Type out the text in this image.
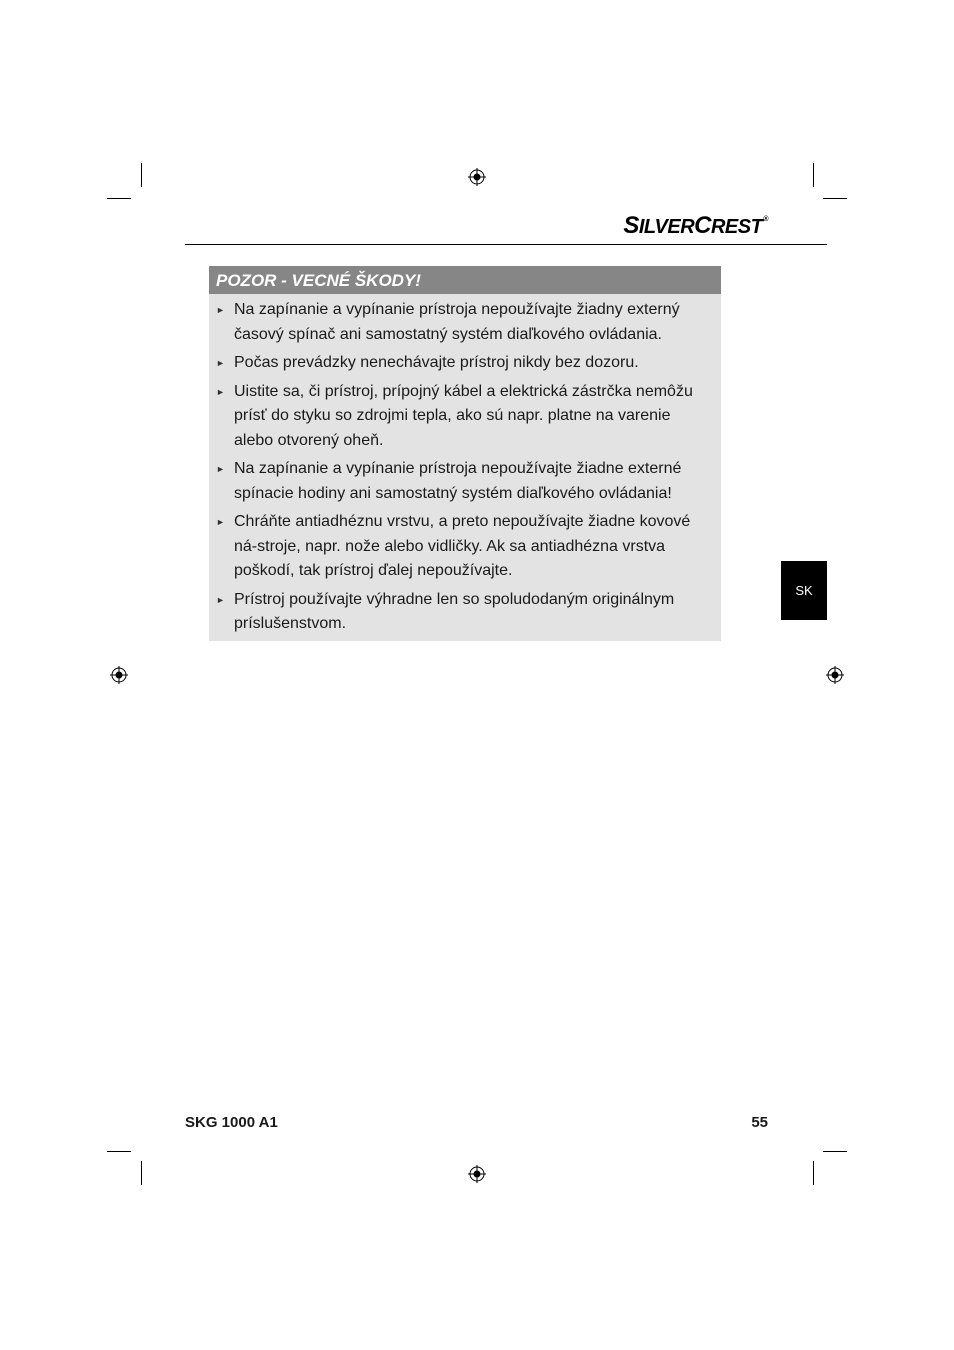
SILVERCREST®
POZOR - VECNÉ ŠKODY!
► Na zapínanie a vypínanie prístroja nepoužívajte žiadny externý časový spínač ani samostatný systém diaľkového ovládania.
► Počas prevádzky nenechávajte prístroj nikdy bez dozoru.
► Uistite sa, či prístroj, prípojný kábel a elektrická zástrčka nemôžu prísť do styku so zdrojmi tepla, ako sú napr. platne na varenie alebo otvorený oheň.
► Na zapínanie a vypínanie prístroja nepoužívajte žiadne externé spínacie hodiny ani samostatný systém diaľkového ovládania!
► Chráňte antiadhéznu vrstvu, a preto nepoužívajte žiadne kovové ná-stroje, napr. nože alebo vidličky. Ak sa antiadhézna vrstva poškodí, tak prístroj ďalej nepoužívajte.
► Prístroj používajte výhradne len so spoludodaným originálnym príslušenstvom.
SK
SKG 1000 A1	55
